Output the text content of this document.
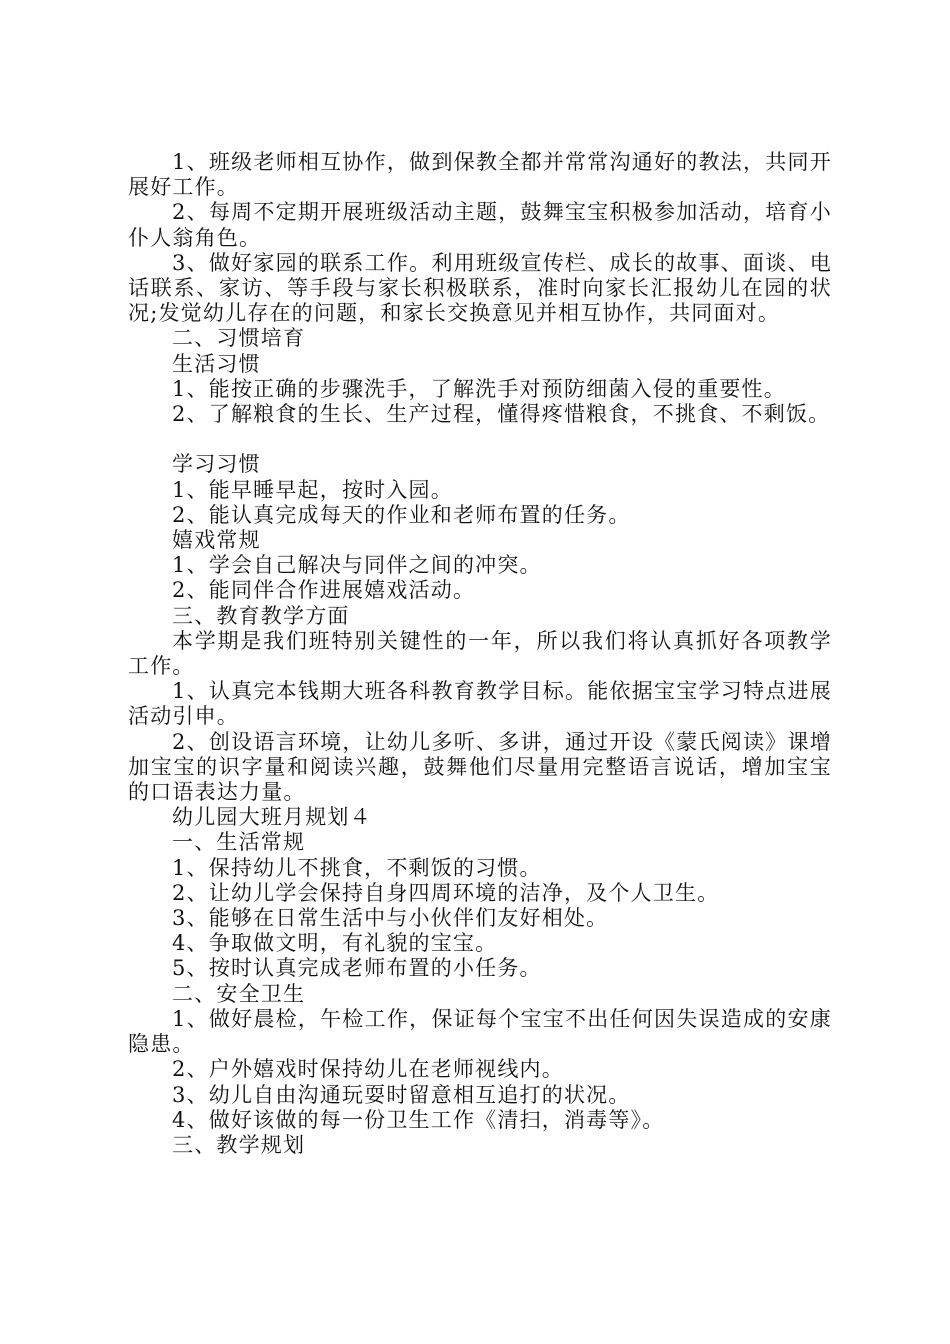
1、班级老师相互协作，做到保教全都并常常沟通好的教法，共同开展好工作。

2、每周不定期开展班级活动主题，鼓舞宝宝积极参加活动，培育小仆人翁角色。

3、做好家园的联系工作。利用班级宣传栏、成长的故事、面谈、电话联系、家访、等手段与家长积极联系，准时向家长汇报幼儿在园的状况;发觉幼儿存在的问题，和家长交换意见并相互协作，共同面对。

二、习惯培育

生活习惯

1、能按正确的步骤洗手，了解洗手对预防细菌入侵的重要性。

2、了解粮食的生长、生产过程，懂得疼惜粮食，不挑食、不剩饭。

学习习惯

1、能早睡早起，按时入园。

2、能认真完成每天的作业和老师布置的任务。

嬉戏常规

1、学会自己解决与同伴之间的冲突。

2、能同伴合作进展嬉戏活动。

三、教育教学方面

本学期是我们班特别关键性的一年，所以我们将认真抓好各项教学工作。

1、认真完本钱期大班各科教育教学目标。能依据宝宝学习特点进展活动引申。

2、创设语言环境，让幼儿多听、多讲，通过开设《蒙氏阅读》课增加宝宝的识字量和阅读兴趣，鼓舞他们尽量用完整语言说话，增加宝宝的口语表达力量。

幼儿园大班月规划４

一、生活常规

1、保持幼儿不挑食，不剩饭的习惯。

2、让幼儿学会保持自身四周环境的洁净，及个人卫生。

3、能够在日常生活中与小伙伴们友好相处。

4、争取做文明，有礼貌的宝宝。

5、按时认真完成老师布置的小任务。

二、安全卫生

1、做好晨检，午检工作，保证每个宝宝不出任何因失误造成的安康隐患。

2、户外嬉戏时保持幼儿在老师视线内。

3、幼儿自由沟通玩耍时留意相互追打的状况。

4、做好该做的每一份卫生工作《清扫，消毒等》。

三、教学规划
